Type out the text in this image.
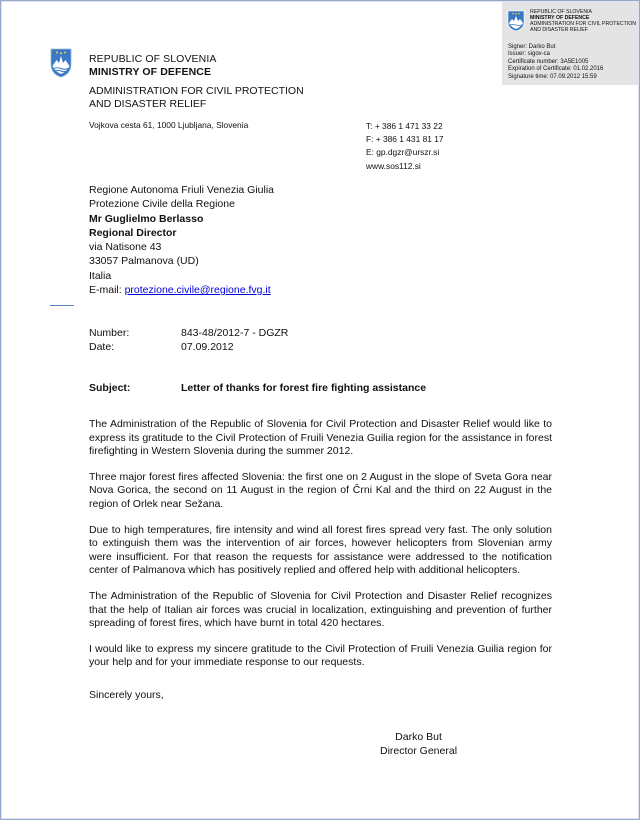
REPUBLIC OF SLOVENIA
MINISTRY OF DEFENCE
ADMINISTRATION FOR CIVIL PROTECTION
AND DISASTER RELIEF
Signer: Darko But
Issuer: sigov-ca
Certificate number: 3A5E1005
Expiration of Certificate: 01.02.2016
Signature time: 07.09.2012 15:59
REPUBLIC OF SLOVENIA
MINISTRY OF DEFENCE
ADMINISTRATION FOR CIVIL PROTECTION
AND DISASTER RELIEF
Vojkova cesta 61, 1000 Ljubljana, Slovenia	T: + 386 1 471 33 22
F: + 386 1 431 81 17
E: gp.dgzr@urszr.si
www.sos112.si
Regione Autonoma Friuli Venezia Giulia
Protezione Civile della Regione
Mr Guglielmo Berlasso
Regional Director
via Natisone 43
33057 Palmanova (UD)
Italia
E-mail: protezione.civile@regione.fvg.it
Number:	843-48/2012-7 - DGZR
Date:	07.09.2012
Subject:	Letter of thanks for forest fire fighting assistance

The Administration of the Republic of Slovenia for Civil Protection and Disaster Relief would like to express its gratitude to the Civil Protection of Fruili Venezia Guilia region for the assistance in forest firefighting in Western Slovenia during the summer 2012.

Three major forest fires affected Slovenia: the first one on 2 August in the slope of Sveta Gora near Nova Gorica, the second on 11 August in the region of Črni Kal and the third on 22 August in the region of Orlek near Sežana.

Due to high temperatures, fire intensity and wind all forest fires spread very fast. The only solution to extinguish them was the intervention of air forces, however helicopters from Slovenian army were insufficient. For that reason the requests for assistance were addressed to the notification center of Palmanova which has positively replied and offered help with additional helicopters.

The Administration of the Republic of Slovenia for Civil Protection and Disaster Relief recognizes that the help of Italian air forces was crucial in localization, extinguishing and prevention of further spreading of forest fires, which have burnt in total 420 hectares.

I would like to express my sincere gratitude to the Civil Protection of Fruili Venezia Guilia region for your help and for your immediate response to our requests.

Sincerely yours,
Darko But
Director General
